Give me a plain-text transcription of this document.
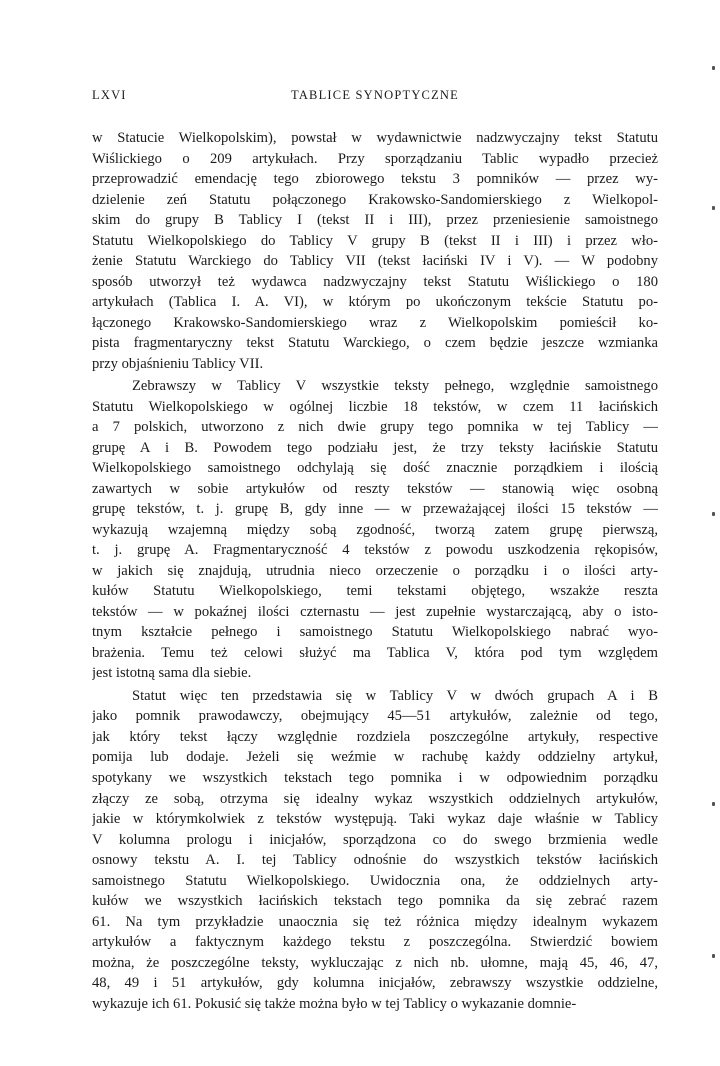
LXVI	TABLICE SYNOPTYCZNE
w Statucie Wielkopolskim), powstał w wydawnictwie nadzwyczajny tekst Statutu
Wiślickiego o 209 artykułach. Przy sporządzaniu Tablic wypadło przecież
przeprowadzić emendację tego zbiorowego tekstu 3 pomników — przez wy-
dzielenie zeń Statutu połączonego Krakowsko-Sandomierskiego z Wielkopol-
skim do grupy B Tablicy I (tekst II i III), przez przeniesienie samoistnego
Statutu Wielkopolskiego do Tablicy V grupy B (tekst II i III) i przez wło-
żenie Statutu Warckiego do Tablicy VII (tekst łaciński IV i V). — W podobny
sposób utworzył też wydawca nadzwyczajny tekst Statutu Wiślickiego o 180
artykułach (Tablica I. A. VI), w którym po ukończonym tekście Statutu po-
łączonego Krakowsko-Sandomierskiego wraz z Wielkopolskim pomieścił ko-
pista fragmentaryczny tekst Statutu Warckiego, o czem będzie jeszcze wzmianka
przy objaśnieniu Tablicy VII.
Zebrawszy w Tablicy V wszystkie teksty pełnego, względnie samoistnego
Statutu Wielkopolskiego w ogólnej liczbie 18 tekstów, w czem 11 łacińskich
a 7 polskich, utworzono z nich dwie grupy tego pomnika w tej Tablicy —
grupę A i B. Powodem tego podziału jest, że trzy teksty łacińskie Statutu
Wielkopolskiego samoistnego odchylają się dość znacznie porządkiem i ilością
zawartych w sobie artykułów od reszty tekstów — stanowią więc osobną
grupę tekstów, t. j. grupę B, gdy inne — w przeważającej ilości 15 tekstów —
wykazują wzajemną między sobą zgodność, tworzą zatem grupę pierwszą,
t. j. grupę A. Fragmentaryczność 4 tekstów z powodu uszkodzenia rękopisów,
w jakich się znajdują, utrudnia nieco orzeczenie o porządku i o ilości arty-
kułów Statutu Wielkopolskiego, temi tekstami objętego, wszakże reszta
tekstów — w pokaźnej ilości czternastu — jest zupełnie wystarczającą, aby o isto-
tnym kształcie pełnego i samoistnego Statutu Wielkopolskiego nabrać wyo-
brażenia. Temu też celowi służyć ma Tablica V, która pod tym względem
jest istotną sama dla siebie.
Statut więc ten przedstawia się w Tablicy V w dwóch grupach A i B
jako pomnik prawodawczy, obejmujący 45—51 artykułów, zależnie od tego,
jak który tekst łączy względnie rozdziela poszczególne artykuły, respective
pomija lub dodaje. Jeżeli się weźmie w rachubę każdy oddzielny artykuł,
spotykany we wszystkich tekstach tego pomnika i w odpowiednim porządku
złączy ze sobą, otrzyma się idealny wykaz wszystkich oddzielnych artykułów,
jakie w którymkolwiek z tekstów występują. Taki wykaz daje właśnie w Tablicy
V kolumna prologu i inicjałów, sporządzona co do swego brzmienia wedle
osnowy tekstu A. I. tej Tablicy odnośnie do wszystkich tekstów łacińskich
samoistnego Statutu Wielkopolskiego. Uwidocznia ona, że oddzielnych arty-
kułów we wszystkich łacińskich tekstach tego pomnika da się zebrać razem
61. Na tym przykładzie unaocznia się też różnica między idealnym wykazem
artykułów a faktycznym każdego tekstu z poszczególna. Stwierdzić bowiem
można, że poszczególne teksty, wykluczając z nich nb. ułomne, mają 45, 46, 47,
48, 49 i 51 artykułów, gdy kolumna inicjałów, zebrawszy wszystkie oddzielne,
wykazuje ich 61. Pokusić się także można było w tej Tablicy o wykazanie domnie-
